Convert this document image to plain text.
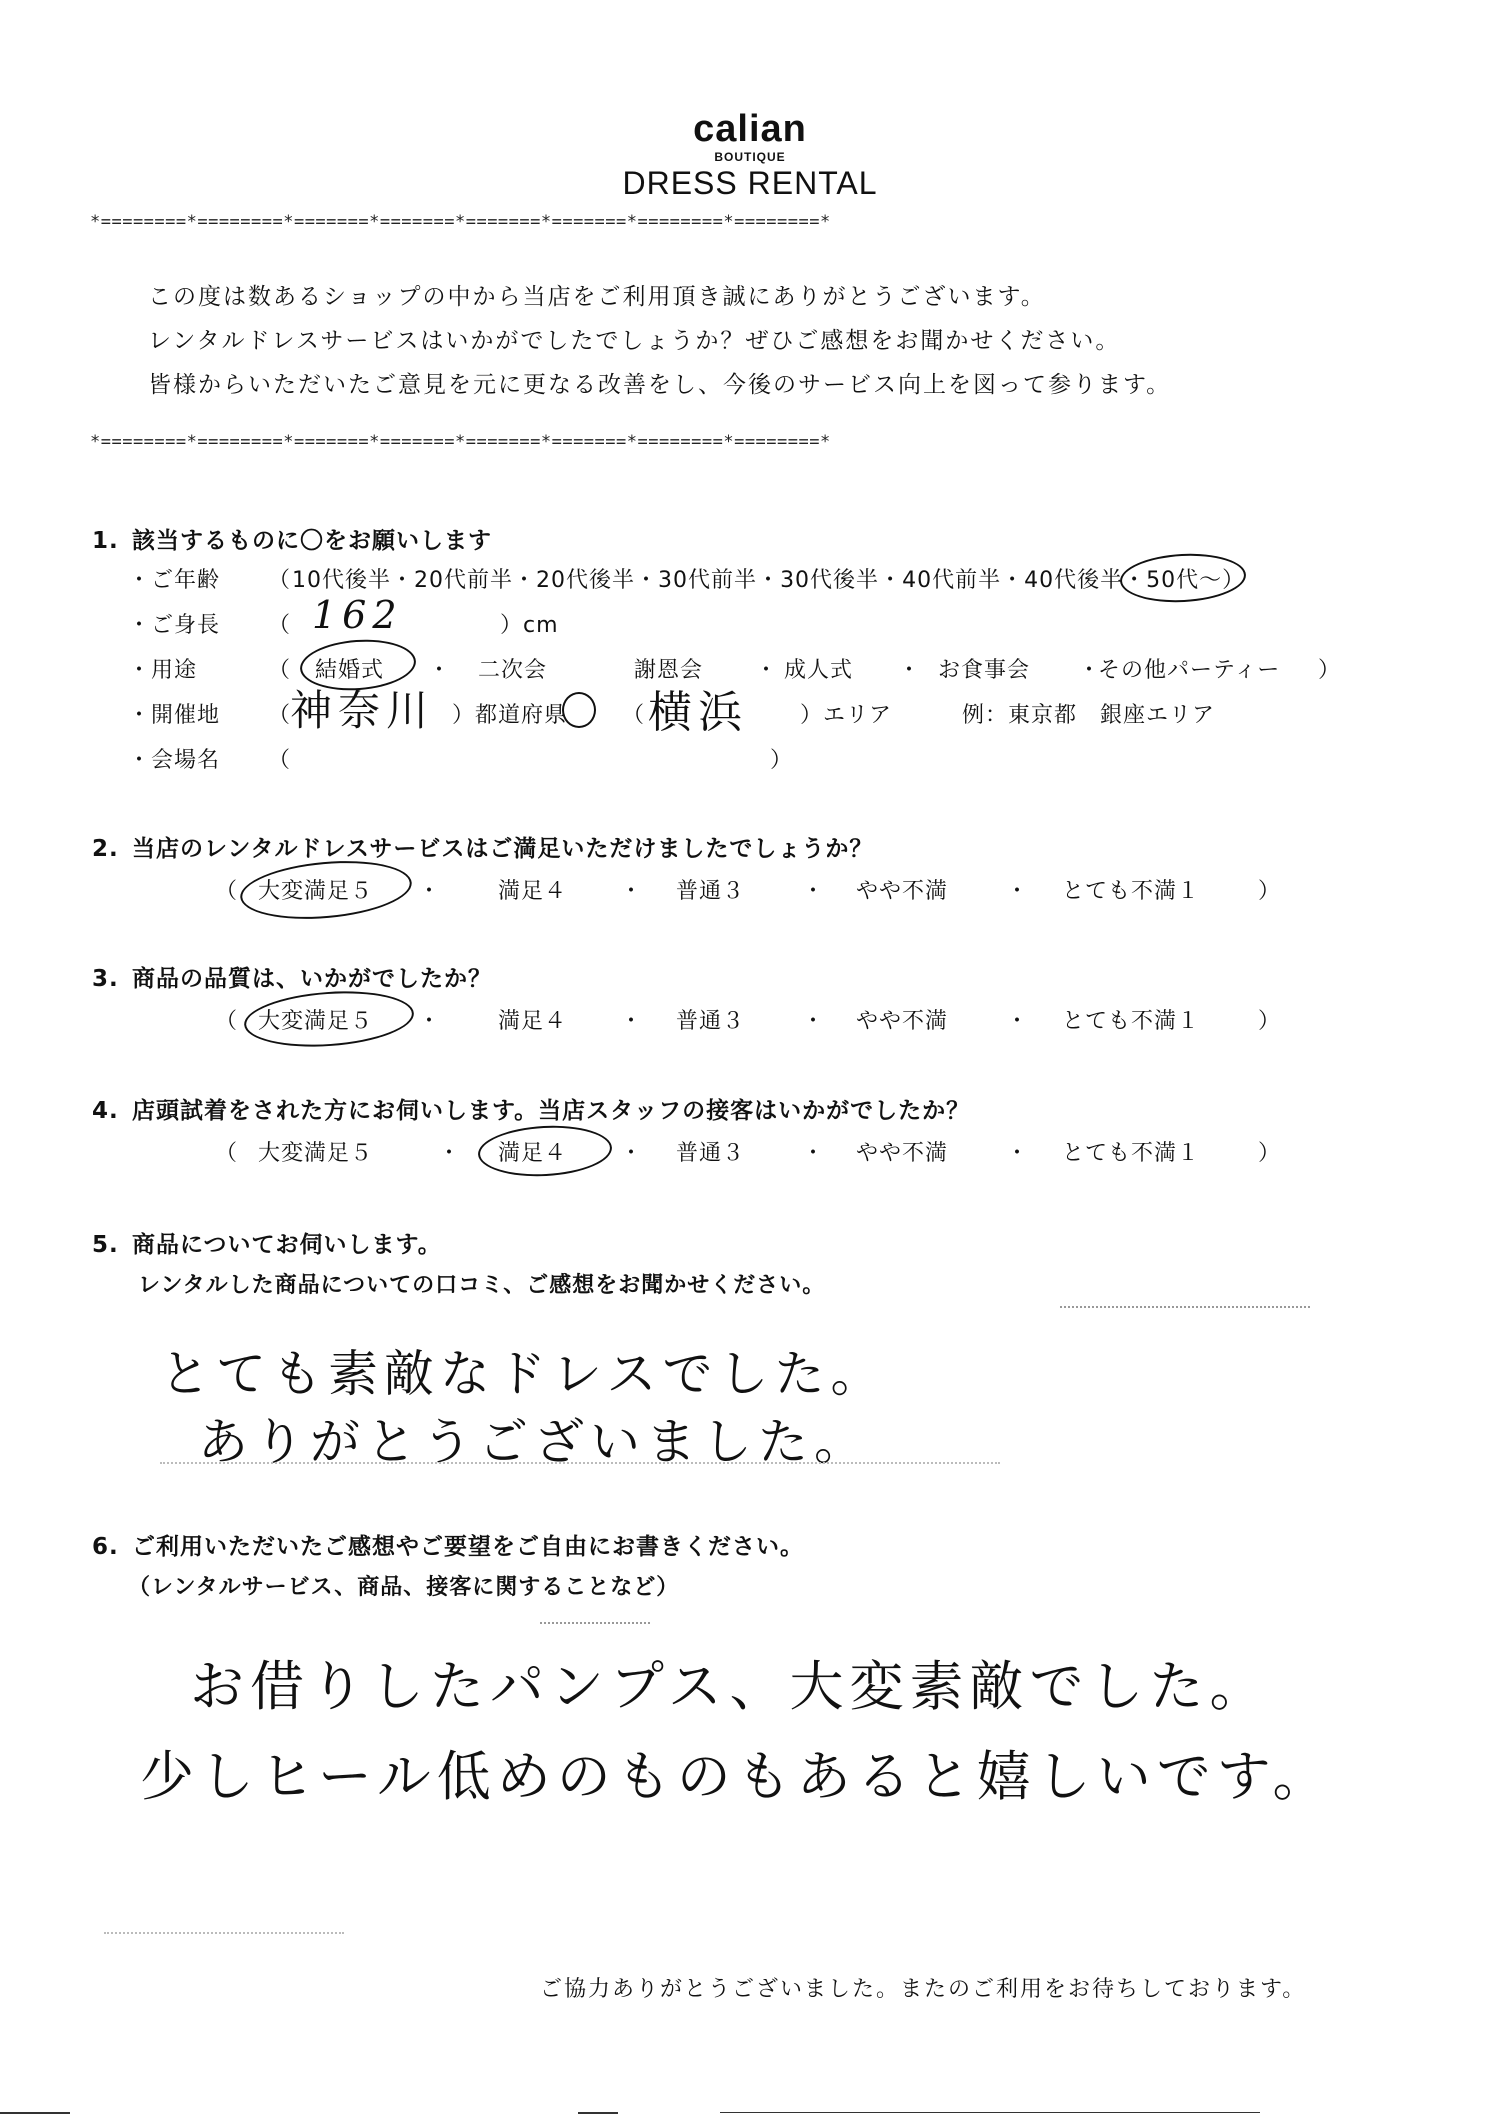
calian
BOUTIQUE
DRESS RENTAL
*========*========*=======*=======*=======*=======*========*========*
この度は数あるショップの中から当店をご利用頂き誠にありがとうございます。
レンタルドレスサービスはいかがでしたでしょうか？ぜひご感想をお聞かせください。
皆様からいただいたご意見を元に更なる改善をし、今後のサービス向上を図って参ります。
*========*========*=======*=======*=======*=======*========*========*
1. 該当するものに〇をお願いします
・ご年齢 （ 10代後半・20代前半・20代後半・30代前半・30代後半・40代前半・40代後半・50代～）
・ご身長 （ 162	）cm
・用途	（ 結婚式 ・ 二次会	謝恩会 ・ 成人式 ・ お食事会 ・
その他パーティー ）
・開催地 （
神奈川 ）都道府県 （ 横浜 ）エリア	例：東京都　銀座エリア
・会場名 （	）
2. 当店のレンタルドレスサービスはご満足いただけましたでしょうか？
（ 大変満足５ ・	満足４ ・ 普通３	・ やや不満	・ とても不満１	）
3. 商品の品質は、いかがでしたか？
（ 大変満足５ ・	満足４ ・ 普通３	・ やや不満	・ とても不満１	）
4. 店頭試着をされた方にお伺いします。当店スタッフの接客はいかがでしたか？
（ 大変満足５	・ 満足４ ・ 普通３	・ やや不満	・ とても不満１	）
5. 商品についてお伺いします。
レンタルした商品についての口コミ、ご感想をお聞かせください。
とても素敵なドレスでした。
ありがとうございました。
6. ご利用いただいたご感想やご要望をご自由にお書きください。
（レンタルサービス、商品、接客に関することなど）
お借りしたパンプス、大変素敵でした。
少しヒール低めのものもあると嬉しいです。
ご協力ありがとうございました。またのご利用をお待ちしております。
